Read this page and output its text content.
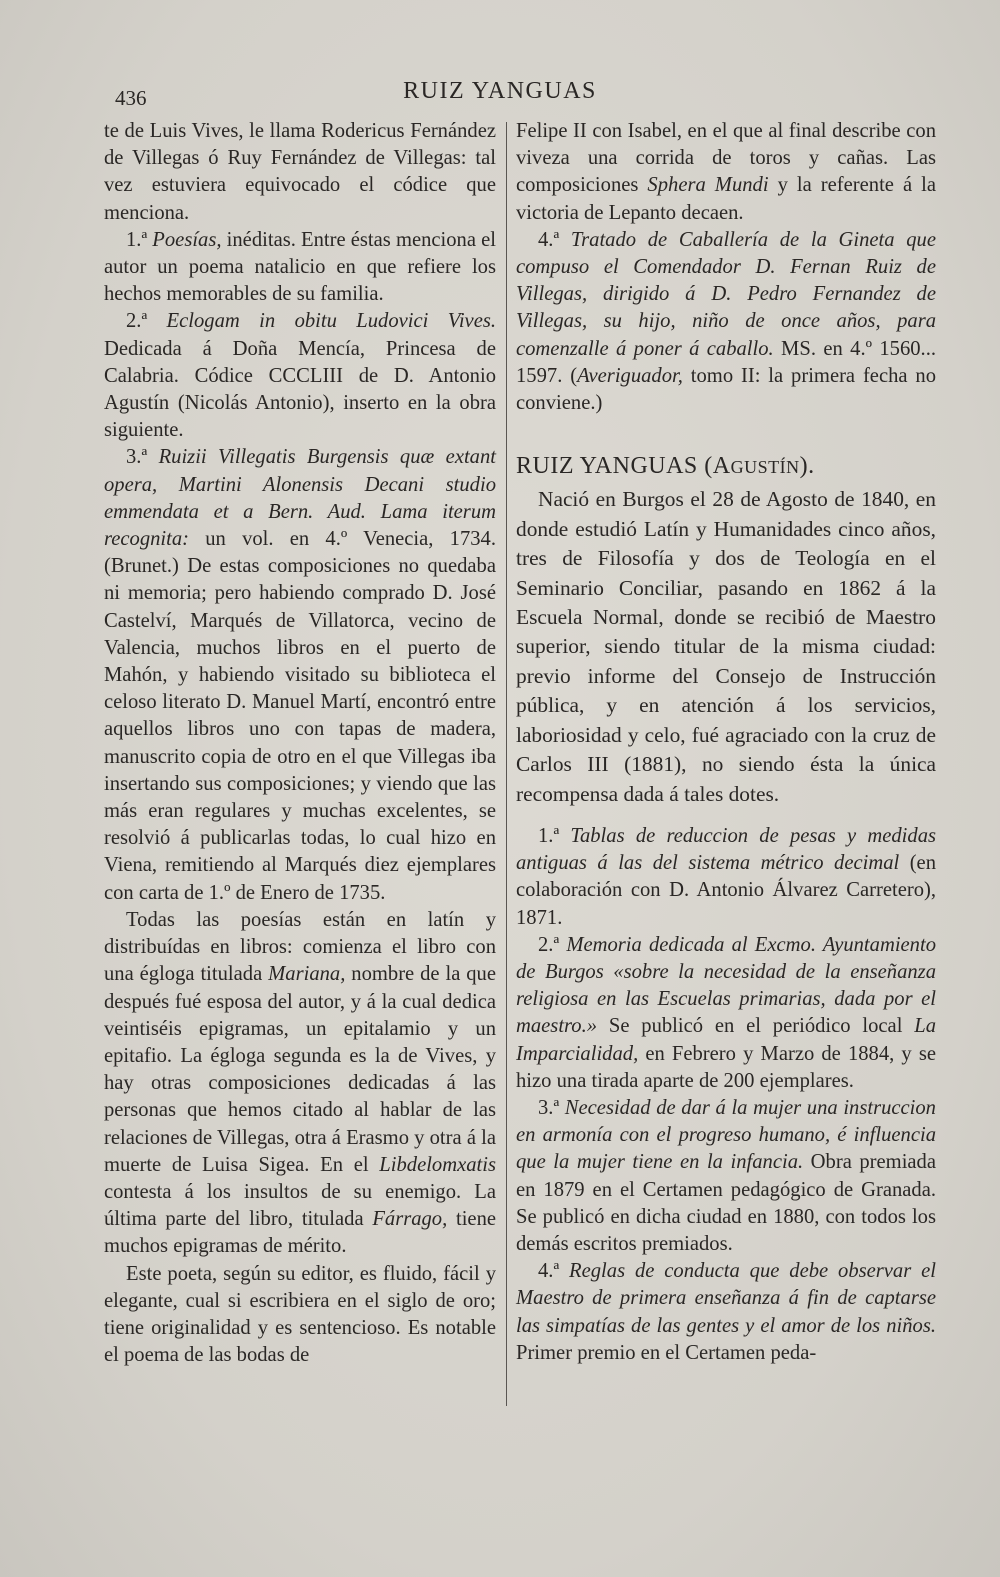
436	RUIZ YANGUAS

te de Luis Vives, le llama Rodericus Fernández de Villegas ó Ruy Fernández de Villegas: tal vez estuviera equivocado el códice que menciona.

1.ª Poesías, inéditas. Entre éstas menciona el autor un poema natalicio en que refiere los hechos memorables de su familia.

2.ª Eclogam in obitu Ludovici Vives. Dedicada á Doña Mencía, Princesa de Calabria. Códice CCCLIII de D. Antonio Agustín (Nicolás Antonio), inserto en la obra siguiente.

3.ª Ruizii Villegatis Burgensis quæ extant opera, Martini Alonensis Decani studio emmendata et a Bern. Aud. Lama iterum recognita: un vol. en 4.º Venecia, 1734. (Brunet.) De estas composiciones no quedaba ni memoria; pero habiendo comprado D. José Castelví, Marqués de Villatorca, vecino de Valencia, muchos libros en el puerto de Mahón, y habiendo visitado su biblioteca el celoso literato D. Manuel Martí, encontró entre aquellos libros uno con tapas de madera, manuscrito copia de otro en el que Villegas iba insertando sus composiciones; y viendo que las más eran regulares y muchas excelentes, se resolvió á publicarlas todas, lo cual hizo en Viena, remitiendo al Marqués diez ejemplares con carta de 1.º de Enero de 1735.

Todas las poesías están en latín y distribuídas en libros: comienza el libro con una égloga titulada Mariana, nombre de la que después fué esposa del autor, y á la cual dedica veintiséis epigramas, un epitalamio y un epitafio. La égloga segunda es la de Vives, y hay otras composiciones dedicadas á las personas que hemos citado al hablar de las relaciones de Villegas, otra á Erasmo y otra á la muerte de Luisa Sigea. En el Libdelomxatis contesta á los insultos de su enemigo. La última parte del libro, titulada Fárrago, tiene muchos epigramas de mérito.

Este poeta, según su editor, es fluido, fácil y elegante, cual si escribiera en el siglo de oro; tiene originalidad y es sentencioso. Es notable el poema de las bodas de

Felipe II con Isabel, en el que al final describe con viveza una corrida de toros y cañas. Las composiciones Sphera Mundi y la referente á la victoria de Lepanto decaen.

4.ª Tratado de Caballería de la Gineta que compuso el Comendador D. Fernan Ruiz de Villegas, dirigido á D. Pedro Fernandez de Villegas, su hijo, niño de once años, para comenzalle á poner á caballo. MS. en 4.º 1560... 1597. (Averiguador, tomo II: la primera fecha no conviene.)

RUIZ YANGUAS (AGUSTÍN).

Nació en Burgos el 28 de Agosto de 1840, en donde estudió Latín y Humanidades cinco años, tres de Filosofía y dos de Teología en el Seminario Conciliar, pasando en 1862 á la Escuela Normal, donde se recibió de Maestro superior, siendo titular de la misma ciudad: previo informe del Consejo de Instrucción pública, y en atención á los servicios, laboriosidad y celo, fué agraciado con la cruz de Carlos III (1881), no siendo ésta la única recompensa dada á tales dotes.

1.ª Tablas de reduccion de pesas y medidas antiguas á las del sistema métrico decimal (en colaboración con D. Antonio Álvarez Carretero), 1871.

2.ª Memoria dedicada al Excmo. Ayuntamiento de Burgos «sobre la necesidad de la enseñanza religiosa en las Escuelas primarias, dada por el maestro.» Se publicó en el periódico local La Imparcialidad, en Febrero y Marzo de 1884, y se hizo una tirada aparte de 200 ejemplares.

3.ª Necesidad de dar á la mujer una instruccion en armonía con el progreso humano, é influencia que la mujer tiene en la infancia. Obra premiada en 1879 en el Certamen pedagógico de Granada. Se publicó en dicha ciudad en 1880, con todos los demás escritos premiados.

4.ª Reglas de conducta que debe observar el Maestro de primera enseñanza á fin de captarse las simpatías de las gentes y el amor de los niños. Primer premio en el Certamen peda-
